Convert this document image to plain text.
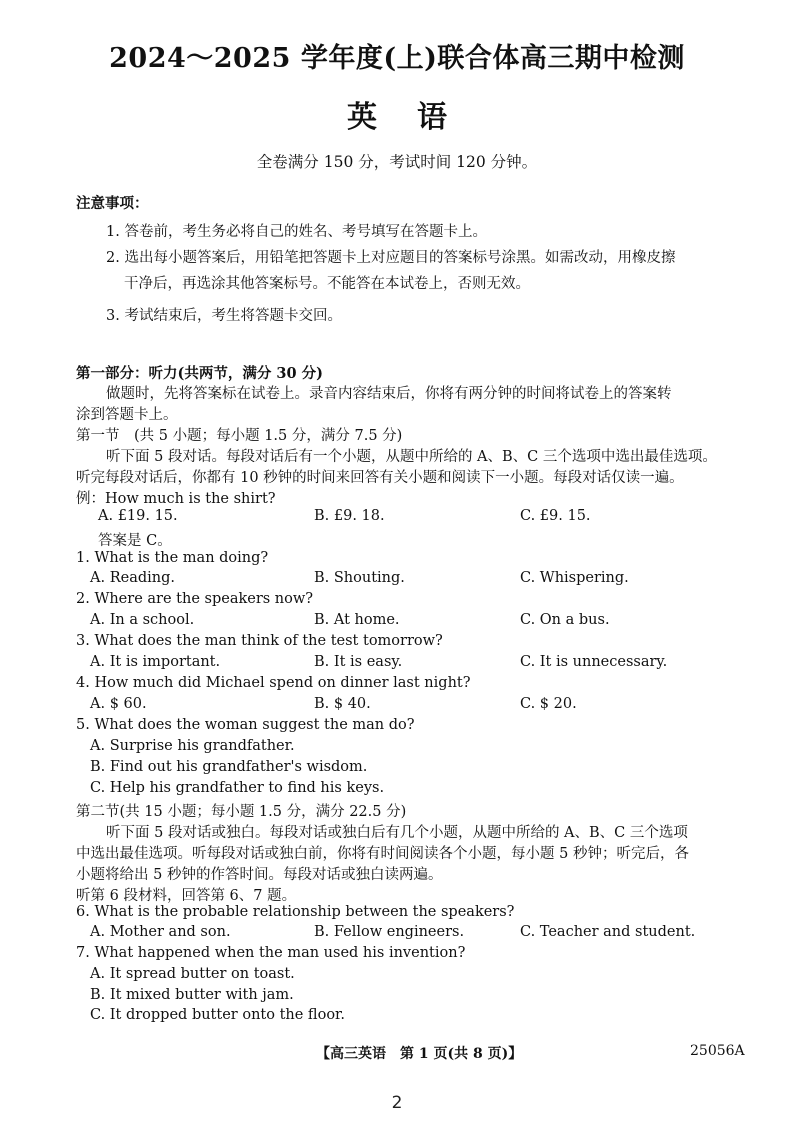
2024～2025 学年度(上)联合体高三期中检测
英语
全卷满分 150 分，考试时间 120 分钟。
注意事项：
1. 答卷前，考生务必将自己的姓名、考号填写在答题卡上。
2. 选出每小题答案后，用铅笔把答题卡上对应题目的答案标号涂黑。如需改动，用橡皮擦
干净后，再选涂其他答案标号。不能答在本试卷上，否则无效。
3. 考试结束后，考生将答题卡交回。
第一部分：听力(共两节，满分 30 分)
做题时，先将答案标在试卷上。录音内容结束后，你将有两分钟的时间将试卷上的答案转
涂到答题卡上。
第一节　(共 5 小题；每小题 1.5 分，满分 7.5 分)
听下面 5 段对话。每段对话后有一个小题，从题中所给的 A、B、C 三个选项中选出最佳选项。
听完每段对话后，你都有 10 秒钟的时间来回答有关小题和阅读下一小题。每段对话仅读一遍。
例：How much is the shirt?
A. £19. 15.	B. £9. 18.	C. £9. 15.
答案是 C。
1. What is the man doing?
A. Reading.	B. Shouting.	C. Whispering.
2. Where are the speakers now?
A. In a school.	B. At home.	C. On a bus.
3. What does the man think of the test tomorrow?
A. It is important.	B. It is easy.	C. It is unnecessary.
4. How much did Michael spend on dinner last night?
A. $ 60.	B. $ 40.	C. $ 20.
5. What does the woman suggest the man do?
A. Surprise his grandfather.
B. Find out his grandfather's wisdom.
C. Help his grandfather to find his keys.
第二节(共 15 小题；每小题 1.5 分，满分 22.5 分)
听下面 5 段对话或独白。每段对话或独白后有几个小题，从题中所给的 A、B、C 三个选项
中选出最佳选项。听每段对话或独白前，你将有时间阅读各个小题，每小题 5 秒钟；听完后，各
小题将给出 5 秒钟的作答时间。每段对话或独白读两遍。
听第 6 段材料，回答第 6、7 题。
6. What is the probable relationship between the speakers?
A. Mother and son.	B. Fellow engineers.	C. Teacher and student.
7. What happened when the man used his invention?
A. It spread butter on toast.
B. It mixed butter with jam.
C. It dropped butter onto the floor.
【高三英语　第 1 页(共 8 页)】	25056A
2
